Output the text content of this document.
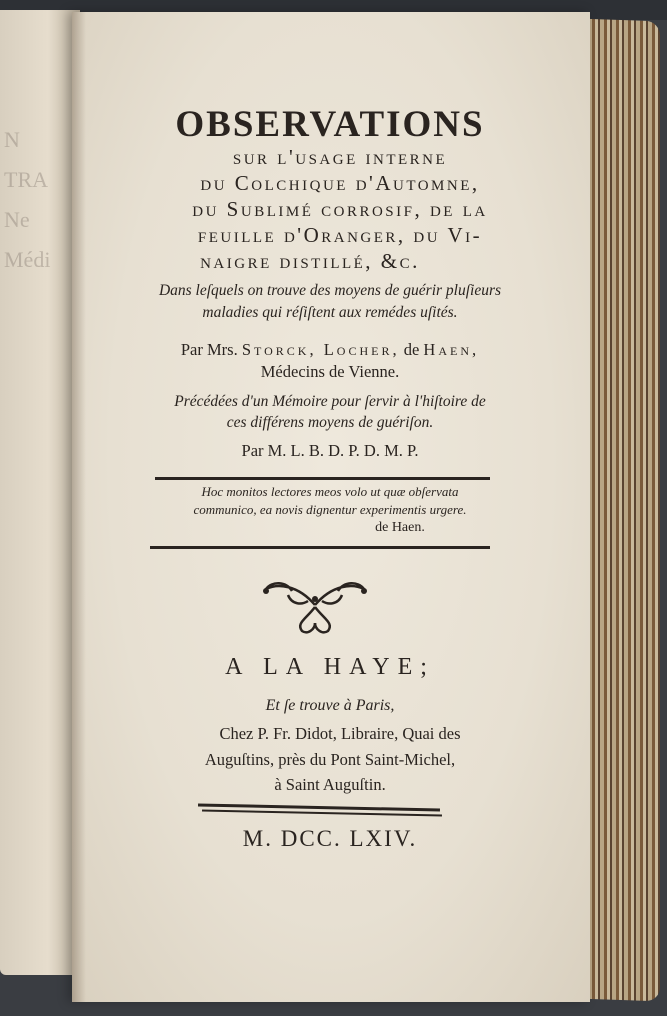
N
TRA
Ne
Médi
OBSERVATIONS
sur l'usage interne
du Colchique d'Automne,
du Sublimé corrosif, de la
feuille d'Oranger, du Vi-
naigre distillé, &c.
Dans leſquels on trouve des moyens de guérir pluſieurs
maladies qui réſiſtent aux remédes uſités.
Par Mrs. Storck, Locher, de Haen,
Médecins de Vienne.
Précédées d'un Mémoire pour ſervir à l'hiſtoire de
ces différens moyens de guériſon.
Par M. L. B. D. P. D. M. P.
Hoc monitos lectores meos volo ut quæ obſervata
communico, ea novis dignentur experimentis urgere.
de Haen.
A LA HAYE;
Et ſe trouve à Paris,
Chez P. Fr. Didot, Libraire, Quai des
Auguſtins, près du Pont Saint-Michel,
à Saint Auguſtin.
M. DCC. LXIV.
